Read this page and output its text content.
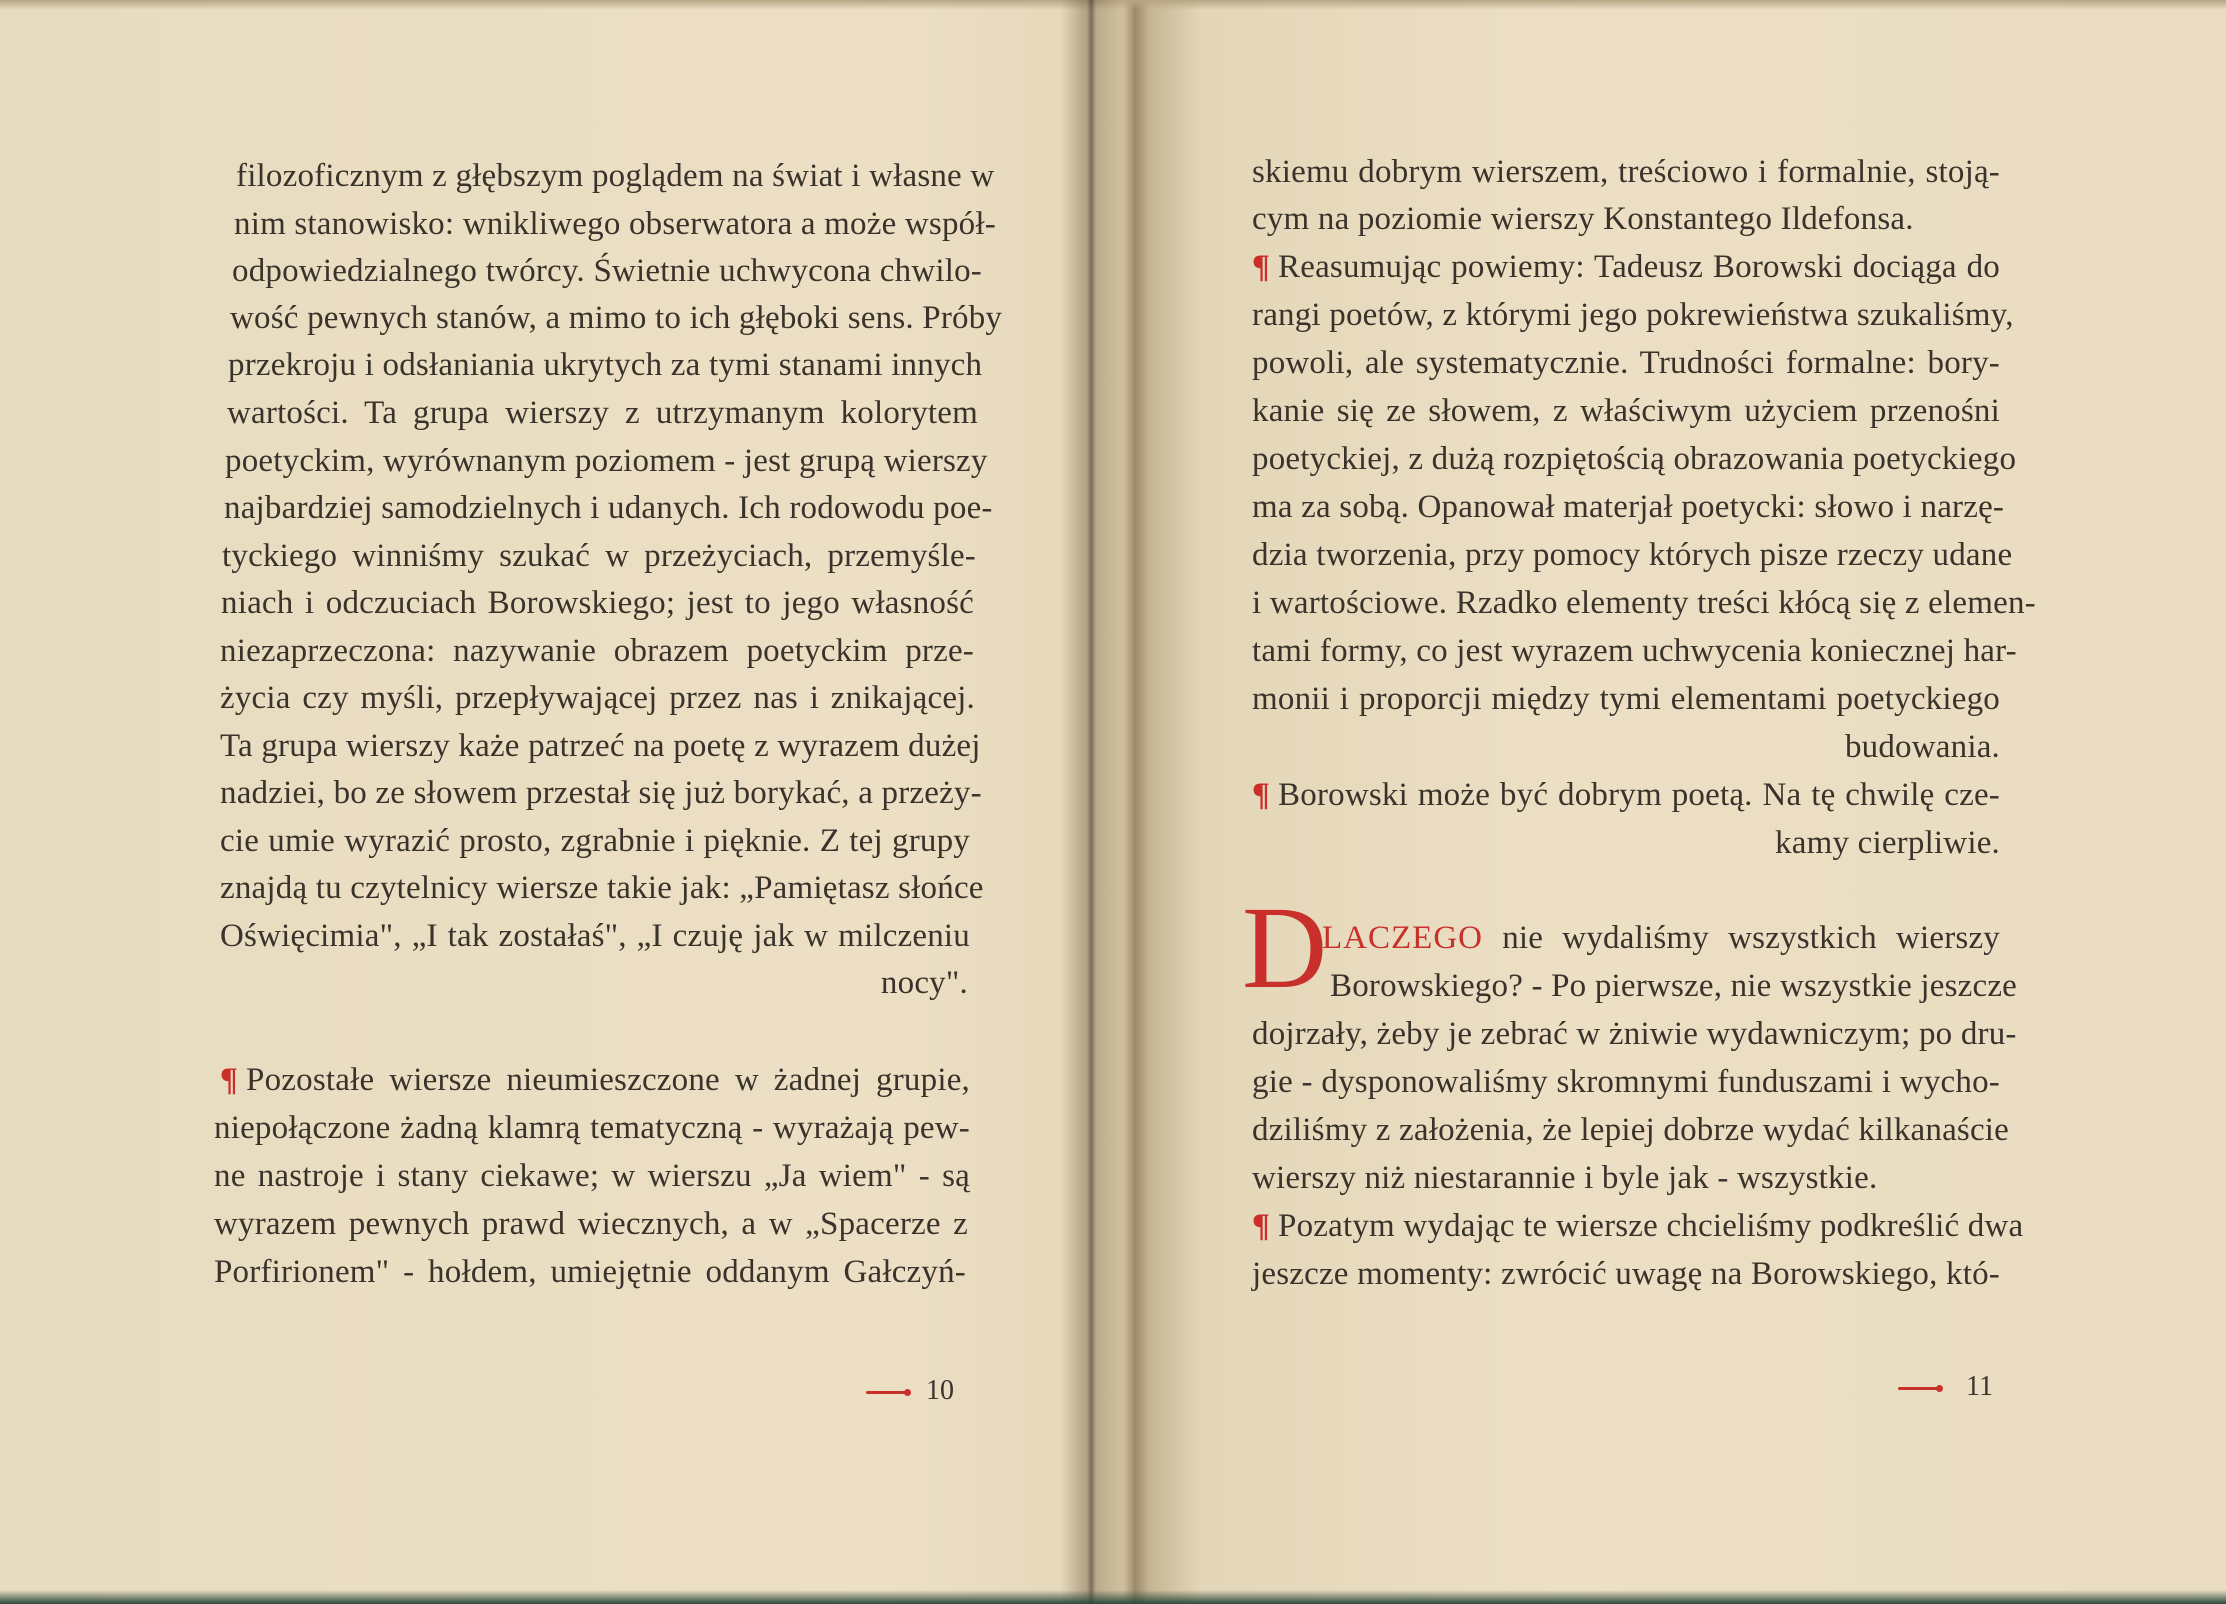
filozoficznym z głębszym poglądem na świat i własne w
nim stanowisko: wnikliwego obserwatora a może współ-
odpowiedzialnego twórcy. Świetnie uchwycona chwilo-
wość pewnych stanów, a mimo to ich głęboki sens. Próby
przekroju i odsłaniania ukrytych za tymi stanami innych
wartości. Ta grupa wierszy z utrzymanym kolorytem
poetyckim, wyrównanym poziomem - jest grupą wierszy
najbardziej samodzielnych i udanych. Ich rodowodu poe-
tyckiego winniśmy szukać w przeżyciach, przemyśle-
niach i odczuciach Borowskiego; jest to jego własność
niezaprzeczona: nazywanie obrazem poetyckim prze-
życia czy myśli, przepływającej przez nas i znikającej.
Ta grupa wierszy każe patrzeć na poetę z wyrazem dużej
nadziei, bo ze słowem przestał się już borykać, a przeży-
cie umie wyrazić prosto, zgrabnie i pięknie. Z tej grupy
znajdą tu czytelnicy wiersze takie jak: „Pamiętasz słońce
Oświęcimia", „I tak zostałaś", „I czuję jak w milczeniu
nocy".
¶ Pozostałe wiersze nieumieszczone w żadnej grupie,
niepołączone żadną klamrą tematyczną - wyrażają pew-
ne nastroje i stany ciekawe; w wierszu „Ja wiem" - są
wyrazem pewnych prawd wiecznych, a w „Spacerze z
Porfirionem" - hołdem, umiejętnie oddanym Gałczyń-
10
skiemu dobrym wierszem, treściowo i formalnie, stoją-
cym na poziomie wierszy Konstantego Ildefonsa.
¶ Reasumując powiemy: Tadeusz Borowski dociąga do
rangi poetów, z którymi jego pokrewieństwa szukaliśmy,
powoli, ale systematycznie. Trudności formalne: bory-
kanie się ze słowem, z właściwym użyciem przenośni
poetyckiej, z dużą rozpiętością obrazowania poetyckiego
ma za sobą. Opanował materjał poetycki: słowo i narzę-
dzia tworzenia, przy pomocy których pisze rzeczy udane
i wartościowe. Rzadko elementy treści kłócą się z elemen-
tami formy, co jest wyrazem uchwycenia koniecznej har-
monii i proporcji między tymi elementami poetyckiego
budowania.
¶ Borowski może być dobrym poetą. Na tę chwilę cze-
kamy cierpliwie.
D
LACZEGO nie wydaliśmy wszystkich wierszy
Borowskiego? - Po pierwsze, nie wszystkie jeszcze
dojrzały, żeby je zebrać w żniwie wydawniczym; po dru-
gie - dysponowaliśmy skromnymi funduszami i wycho-
dziliśmy z założenia, że lepiej dobrze wydać kilkanaście
wierszy niż niestarannie i byle jak - wszystkie.
¶ Pozatym wydając te wiersze chcieliśmy podkreślić dwa
jeszcze momenty: zwrócić uwagę na Borowskiego, któ-
11
